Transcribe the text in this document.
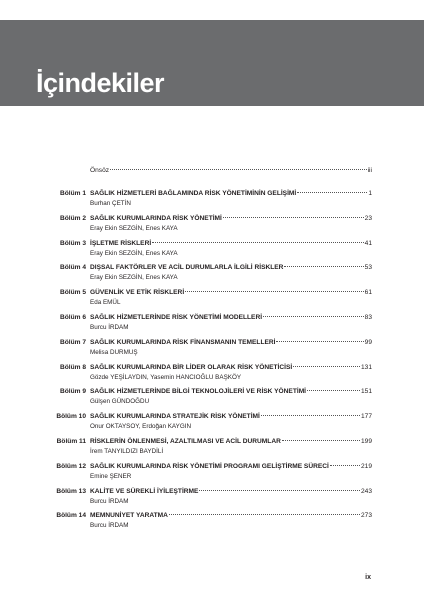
İçindekiler
Önsöz	iii
Bölüm 1 SAĞLIK HİZMETLERİ BAĞLAMINDA RİSK YÖNETİMİNİN GELİŞİMİ	1
Burhan ÇETİN
Bölüm 2 SAĞLIK KURUMLARINDA RİSK YÖNETİMİ	23
Eray Ekin SEZGİN, Enes KAYA
Bölüm 3 İŞLETME RİSKLERİ	41
Eray Ekin SEZGİN, Enes KAYA
Bölüm 4 DIŞSAL FAKTÖRLER VE ACİL DURUMLARLA İLGİLİ RİSKLER	53
Eray Ekin SEZGİN, Enes KAYA
Bölüm 5 GÜVENLİK VE ETİK RİSKLERİ	61
Eda EMÜL
Bölüm 6 SAĞLIK HİZMETLERİNDE RİSK YÖNETİMİ MODELLERİ	83
Burcu İRDAM
Bölüm 7 SAĞLIK KURUMLARINDA RİSK FİNANSMANIN TEMELLERİ	99
Melisa DURMUŞ
Bölüm 8 SAĞLIK KURUMLARINDA BİR LİDER OLARAK RİSK YÖNETİCİSİ	131
Gözde YEŞİLAYDIN, Yasemin HANCIOĞLU BAŞKÖY
Bölüm 9 SAĞLIK HİZMETLERİNDE BİLGİ TEKNOLOJİLERİ VE RİSK YÖNETİMİ	151
Gülşen GÜNDOĞDU
Bölüm 10 SAĞLIK KURUMLARINDA STRATEJİK RİSK YÖNETİMİ	177
Onur OKTAYSOY, Erdoğan KAYGIN
Bölüm 11 RİSKLERİN ÖNLENMESİ, AZALTILMASI VE ACİL DURUMLAR	199
İrem TANYILDIZI BAYDİLİ
Bölüm 12 SAĞLIK KURUMLARINDA RİSK YÖNETİMİ PROGRAMI GELİŞTİRME SÜRECİ	219
Emine ŞENER
Bölüm 13 KALİTE VE SÜREKLİ İYİLEŞTİRME	243
Burcu İRDAM
Bölüm 14 MEMNUNİYET YARATMA	273
Burcu İRDAM
ix
